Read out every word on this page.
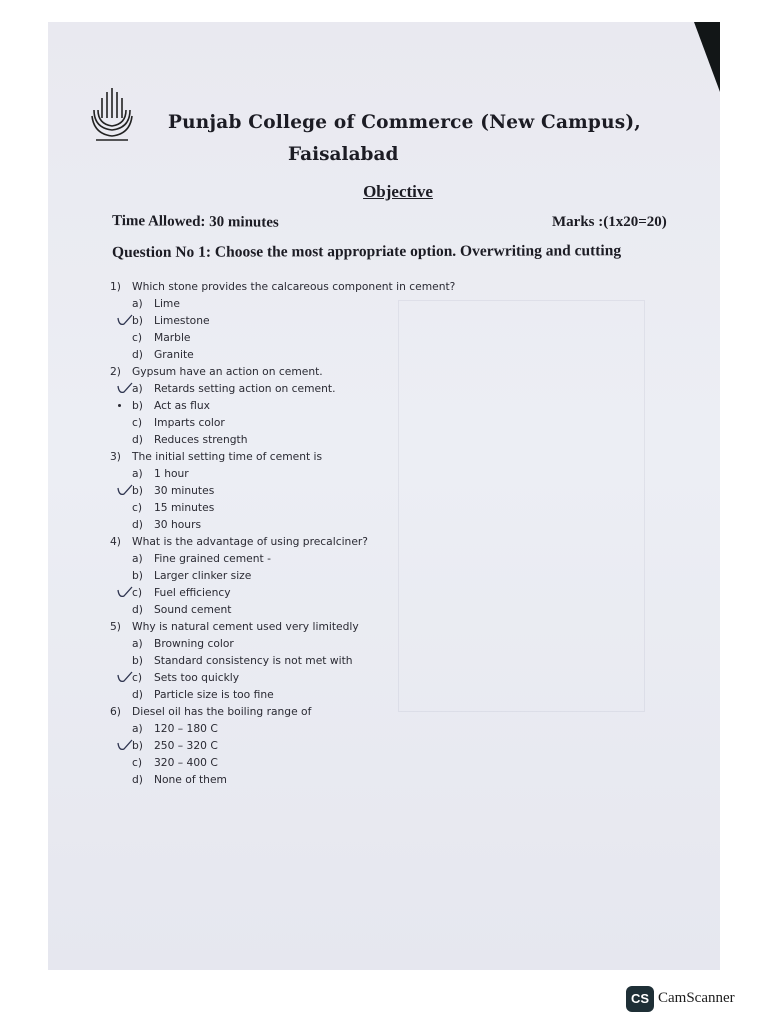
Punjab College of Commerce (New Campus),
Faisalabad
Objective
Time Allowed: 30 minutes	Marks :(1x20=20)
Question No 1: Choose the most appropriate option. Overwriting and cutting
1) Which stone provides the calcareous component in cement?
a) Lime
b) Limestone
c) Marble
d) Granite
2) Gypsum have an action on cement.
a) Retards setting action on cement.
b) Act as flux
c) Imparts color
d) Reduces strength
3) The initial setting time of cement is
a) 1 hour
b) 30 minutes
c) 15 minutes
d) 30 hours
4) What is the advantage of using precalciner?
a) Fine grained cement -
b) Larger clinker size
c) Fuel efficiency
d) Sound cement
5) Why is natural cement used very limitedly
a) Browning color
b) Standard consistency is not met with
c) Sets too quickly
d) Particle size is too fine
6) Diesel oil has the boiling range of
a) 120 – 180 C
b) 250 – 320 C
c) 320 – 400 C
d) None of them
CS CamScanner
